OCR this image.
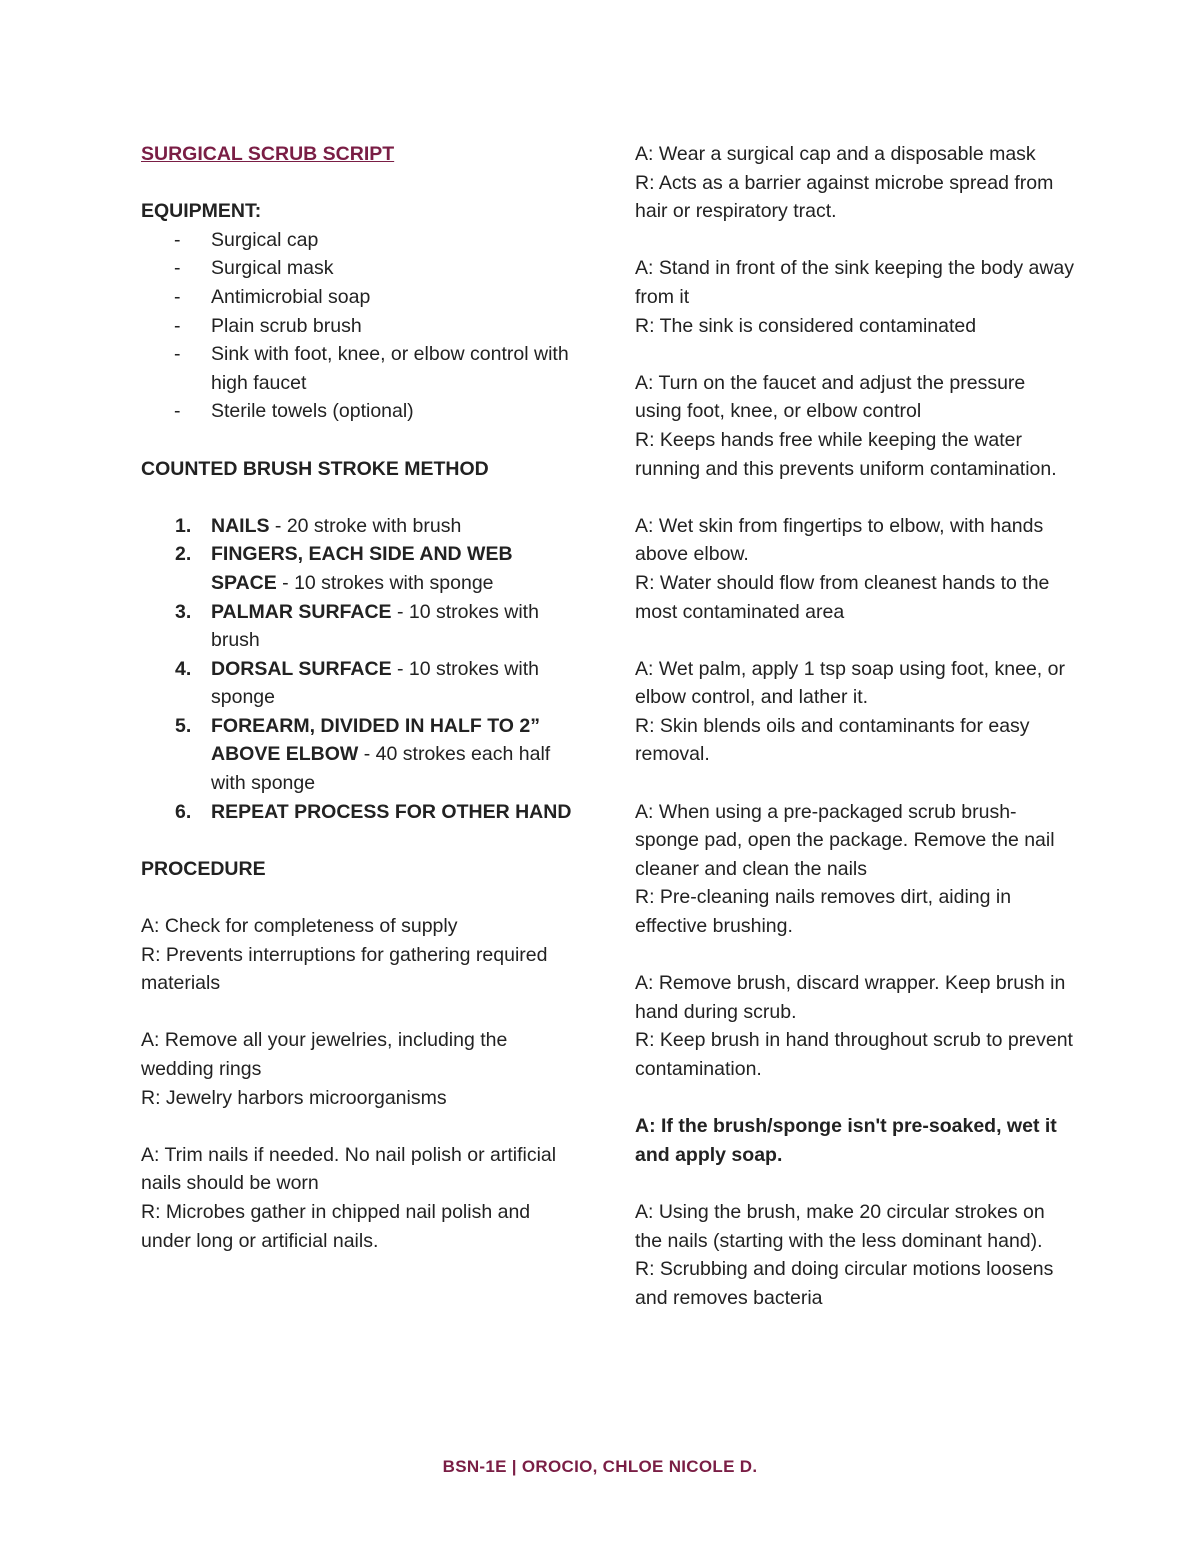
SURGICAL SCRUB SCRIPT
EQUIPMENT:
- Surgical cap
- Surgical mask
- Antimicrobial soap
- Plain scrub brush
- Sink with foot, knee, or elbow control with high faucet
- Sterile towels (optional)
COUNTED BRUSH STROKE METHOD
1. NAILS - 20 stroke with brush
2. FINGERS, EACH SIDE AND WEB SPACE - 10 strokes with sponge
3. PALMAR SURFACE - 10 strokes with brush
4. DORSAL SURFACE - 10 strokes with sponge
5. FOREARM, DIVIDED IN HALF TO 2” ABOVE ELBOW - 40 strokes each half with sponge
6. REPEAT PROCESS FOR OTHER HAND
PROCEDURE

A: Check for completeness of supply

R: Prevents interruptions for gathering required materials

A: Remove all your jewelries, including the wedding rings

R: Jewelry harbors microorganisms

A: Trim nails if needed. No nail polish or artificial nails should be worn

R: Microbes gather in chipped nail polish and under long or artificial nails.

A: Wear a surgical cap and a disposable mask

R: Acts as a barrier against microbe spread from hair or respiratory tract.

A: Stand in front of the sink keeping the body away from it

R: The sink is considered contaminated

A: Turn on the faucet and adjust the pressure using foot, knee, or elbow control

R: Keeps hands free while keeping the water running and this prevents uniform contamination.

A: Wet skin from fingertips to elbow, with hands above elbow.

R: Water should flow from cleanest hands to the most contaminated area

A: Wet palm, apply 1 tsp soap using foot, knee, or elbow control, and lather it.

R: Skin blends oils and contaminants for easy removal.

A: When using a pre-packaged scrub brush-sponge pad, open the package. Remove the nail cleaner and clean the nails

R: Pre-cleaning nails removes dirt, aiding in effective brushing.

A: Remove brush, discard wrapper. Keep brush in hand during scrub.

R: Keep brush in hand throughout scrub to prevent contamination.

A: If the brush/sponge isn't pre-soaked, wet it and apply soap.

A: Using the brush, make 20 circular strokes on the nails (starting with the less dominant hand).

R: Scrubbing and doing circular motions loosens and removes bacteria

BSN-1E | OROCIO, CHLOE NICOLE D.
